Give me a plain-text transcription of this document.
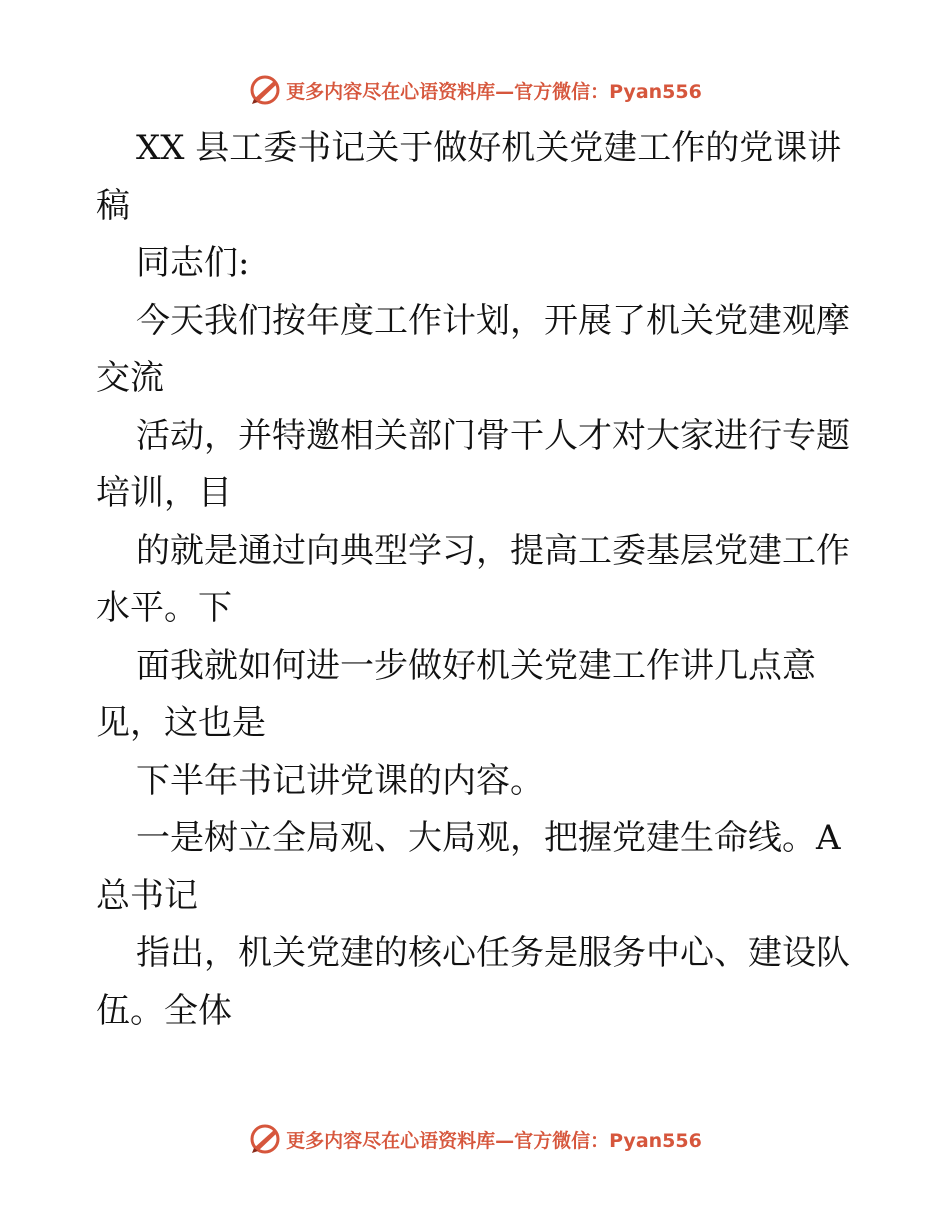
更多内容尽在心语资料库—官方微信：Pyan556
XX 县工委书记关于做好机关党建工作的党课讲
稿
同志们:
今天我们按年度工作计划，开展了机关党建观摩
交流
活动，并特邀相关部门骨干人才对大家进行专题
培训，目
的就是通过向典型学习，提高工委基层党建工作
水平。下
面我就如何进一步做好机关党建工作讲几点意
见，这也是
下半年书记讲党课的内容。
一是树立全局观、大局观，把握党建生命线。A
总书记
指出，机关党建的核心任务是服务中心、建设队
伍。全体
更多内容尽在心语资料库—官方微信：Pyan556
